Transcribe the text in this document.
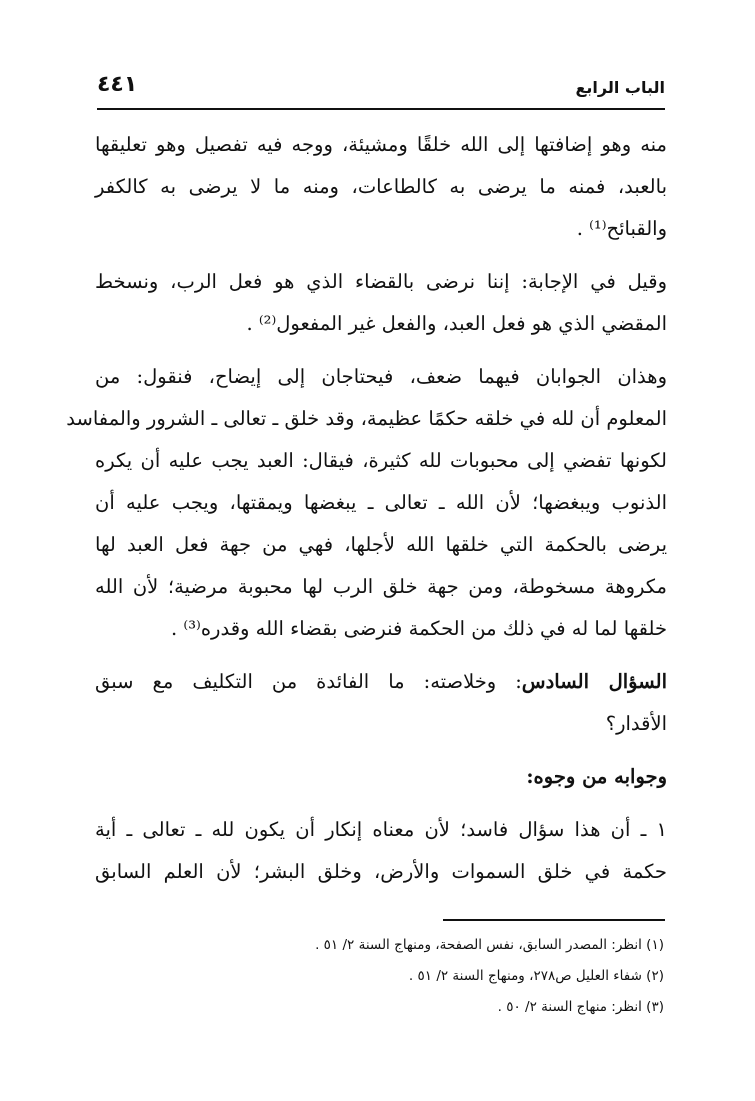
الباب الرابع
٤٤١
منه وهو إضافتها إلى الله خلقًا ومشيئة، ووجه فيه تفصيل وهو تعليقها
بالعبد، فمنه ما يرضى به كالطاعات، ومنه ما لا يرضى به كالكفر
والقبائح⁽¹⁾ .
وقيل في الإجابة: إننا نرضى بالقضاء الذي هو فعل الرب، ونسخط
المقضي الذي هو فعل العبد، والفعل غير المفعول⁽²⁾ .
وهذان الجوابان فيهما ضعف، فيحتاجان إلى إيضاح، فنقول: من
المعلوم أن لله في خلقه حكمًا عظيمة، وقد خلق ـ تعالى ـ الشرور والمفاسد
لكونها تفضي إلى محبوبات لله كثيرة، فيقال: العبد يجب عليه أن يكره
الذنوب ويبغضها؛ لأن الله ـ تعالى ـ يبغضها ويمقتها، ويجب عليه أن
يرضى بالحكمة التي خلقها الله لأجلها، فهي من جهة فعل العبد لها
مكروهة مسخوطة، ومن جهة خلق الرب لها محبوبة مرضية؛ لأن الله
خلقها لما له في ذلك من الحكمة فنرضى بقضاء الله وقدره⁽³⁾ .
السؤال السادس: وخلاصته: ما الفائدة من التكليف مع سبق
الأقدار؟
وجوابه من وجوه:
١ ـ أن هذا سؤال فاسد؛ لأن معناه إنكار أن يكون لله ـ تعالى ـ أية
حكمة في خلق السموات والأرض، وخلق البشر؛ لأن العلم السابق
(١) انظر: المصدر السابق، نفس الصفحة، ومنهاج السنة ٢/ ٥١ .
(٢) شفاء العليل ص٢٧٨، ومنهاج السنة ٢/ ٥١ .
(٣) انظر: منهاج السنة ٢/ ٥٠ .
